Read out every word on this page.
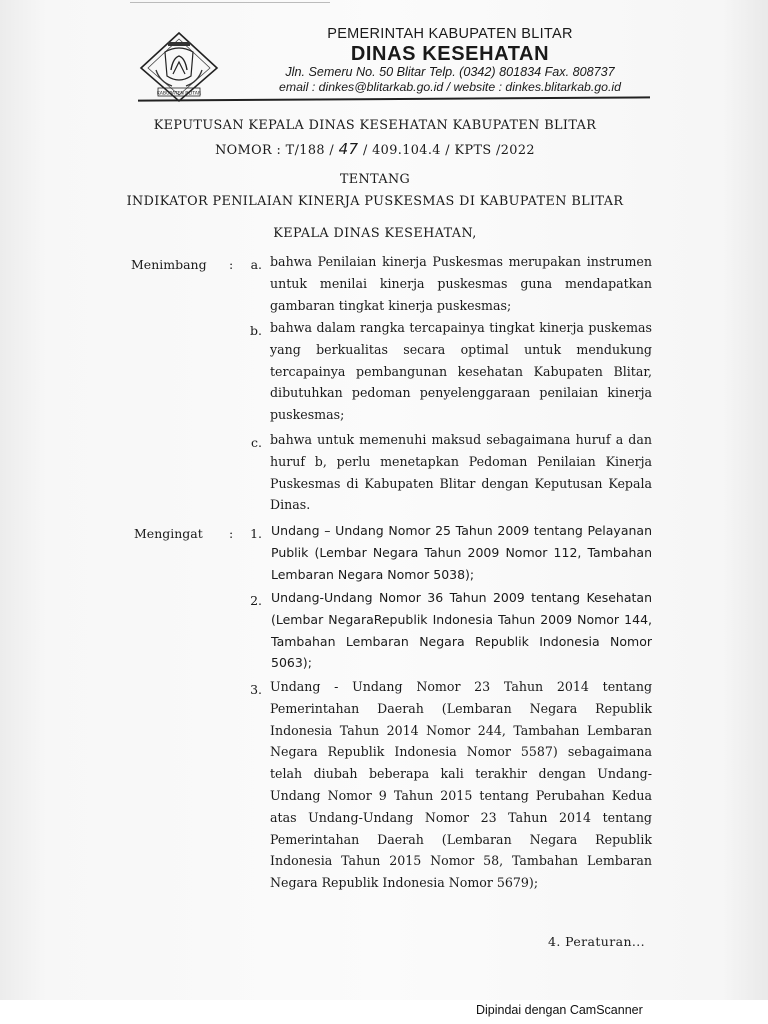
KABUPATEN BLITAR
PEMERINTAH KABUPATEN BLITAR
DINAS KESEHATAN
Jln. Semeru No. 50 Blitar Telp. (0342) 801834 Fax. 808737
email : dinkes@blitarkab.go.id / website : dinkes.blitarkab.go.id
KEPUTUSAN KEPALA DINAS KESEHATAN KABUPATEN BLITAR
NOMOR : T/188 / 47 / 409.104.4 / KPTS /2022
TENTANG
INDIKATOR PENILAIAN KINERJA PUSKESMAS DI KABUPATEN BLITAR
KEPALA DINAS KESEHATAN,
Menimbang :	a. bahwa Penilaian kinerja Puskesmas merupakan instrumen untuk menilai kinerja puskesmas guna mendapatkan gambaran tingkat kinerja puskesmas;
b. bahwa dalam rangka tercapainya tingkat kinerja puskemas yang berkualitas secara optimal untuk mendukung tercapainya pembangunan kesehatan Kabupaten Blitar, dibutuhkan pedoman penyelenggaraan penilaian kinerja puskesmas;
c. bahwa untuk memenuhi maksud sebagaimana huruf a dan huruf b, perlu menetapkan Pedoman Penilaian Kinerja Puskesmas di Kabupaten Blitar dengan Keputusan Kepala Dinas.
Mengingat :	1. Undang – Undang Nomor 25 Tahun 2009 tentang Pelayanan Publik (Lembar Negara Tahun 2009 Nomor 112, Tambahan Lembaran Negara Nomor 5038);
2. Undang-Undang Nomor 36 Tahun 2009 tentang Kesehatan (Lembar NegaraRepublik Indonesia Tahun 2009 Nomor 144, Tambahan Lembaran Negara Republik Indonesia Nomor 5063);
3. Undang - Undang Nomor 23 Tahun 2014 tentang Pemerintahan Daerah (Lembaran Negara Republik Indonesia Tahun 2014 Nomor 244, Tambahan Lembaran Negara Republik Indonesia Nomor 5587) sebagaimana telah diubah beberapa kali terakhir dengan Undang-Undang Nomor 9 Tahun 2015 tentang Perubahan Kedua atas Undang-Undang Nomor 23 Tahun 2014 tentang Pemerintahan Daerah (Lembaran Negara Republik Indonesia Tahun 2015 Nomor 58, Tambahan Lembaran Negara Republik Indonesia Nomor 5679);
4. Peraturan...
Dipindai dengan CamScanner
